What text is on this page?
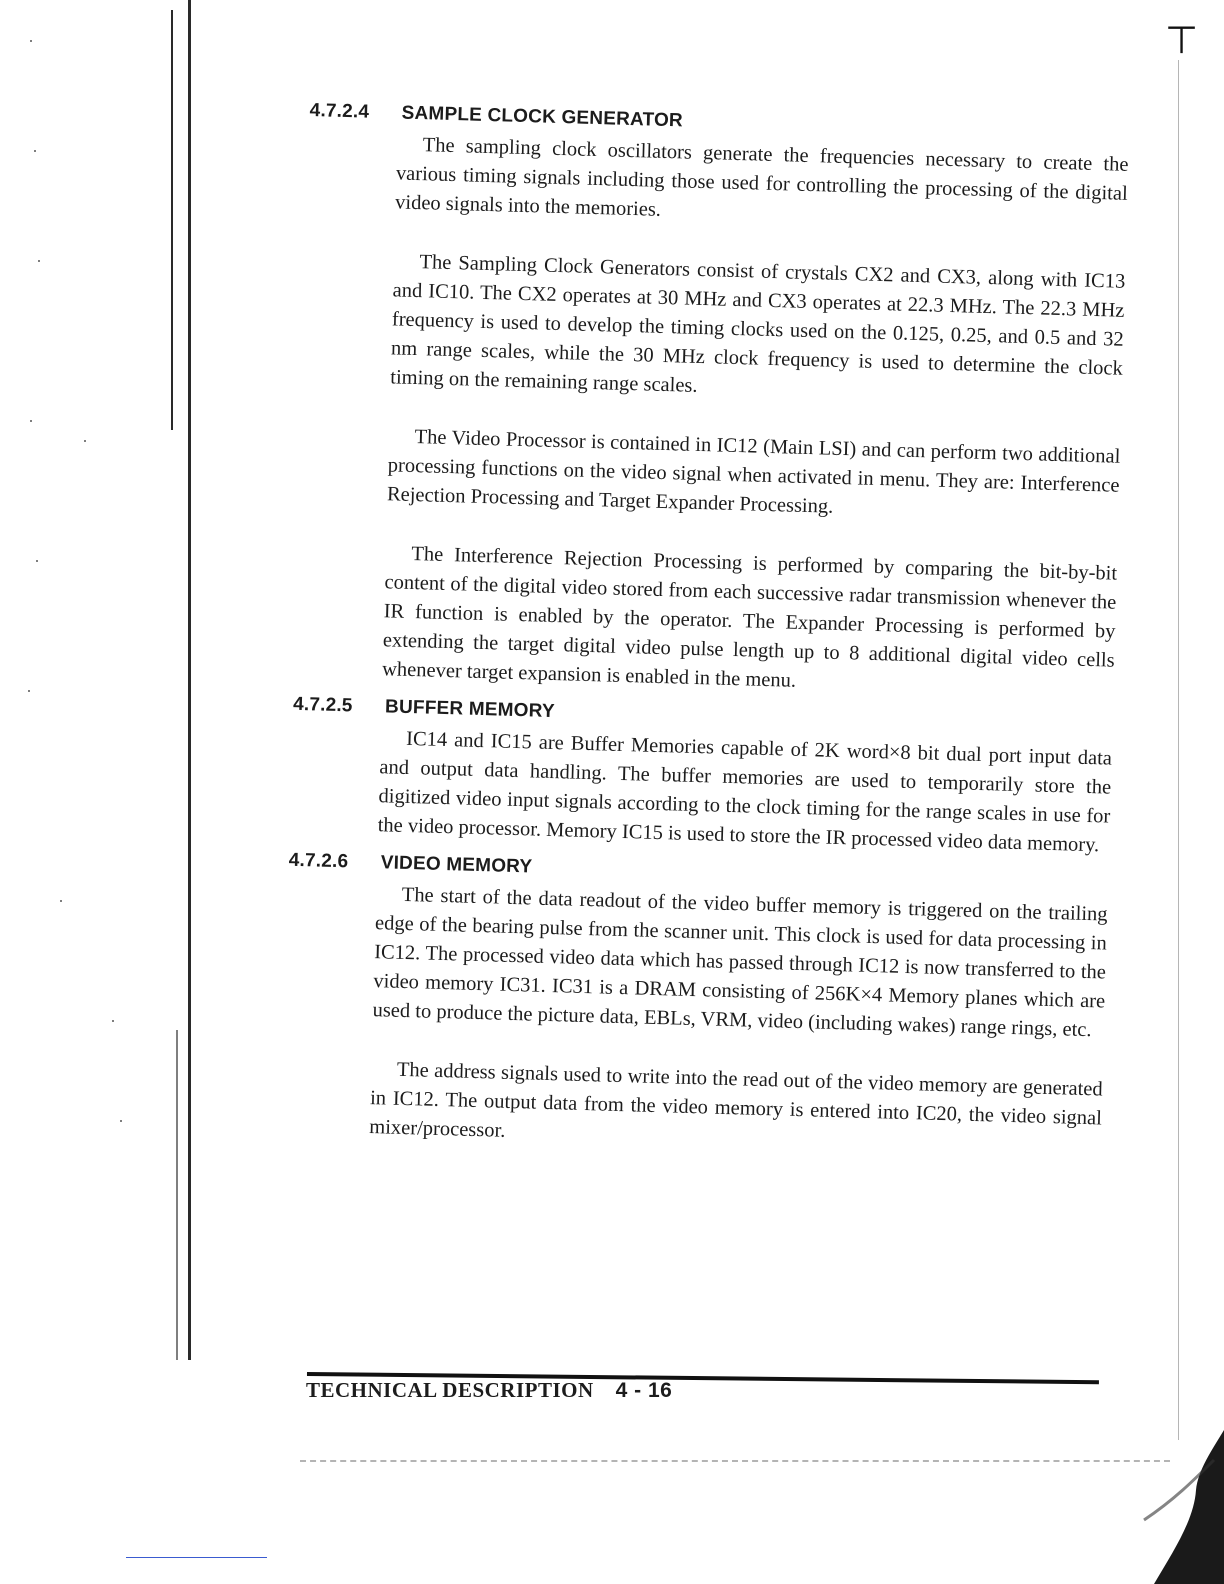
⊤
4.7.2.4 SAMPLE CLOCK GENERATOR

The sampling clock oscillators generate the frequencies necessary to create the various timing signals including those used for controlling the processing of the digital video signals into the memories.

The Sampling Clock Generators consist of crystals CX2 and CX3, along with IC13 and IC10. The CX2 operates at 30 MHz and CX3 operates at 22.3 MHz. The 22.3 MHz frequency is used to develop the timing clocks used on the 0.125, 0.25, and 0.5 and 32 nm range scales, while the 30 MHz clock frequency is used to determine the clock timing on the remaining range scales.

The Video Processor is contained in IC12 (Main LSI) and can perform two additional processing functions on the video signal when activated in menu. They are: Interference Rejection Processing and Target Expander Processing.

The Interference Rejection Processing is performed by comparing the bit-by-bit content of the digital video stored from each successive radar transmission whenever the IR function is enabled by the operator. The Expander Processing is performed by extending the target digital video pulse length up to 8 additional digital video cells whenever target expansion is enabled in the menu.

4.7.2.5 BUFFER MEMORY

IC14 and IC15 are Buffer Memories capable of 2K word×8 bit dual port input data and output data handling. The buffer memories are used to temporarily store the digitized video input signals according to the clock timing for the range scales in use for the video processor. Memory IC15 is used to store the IR processed video data memory.

4.7.2.6 VIDEO MEMORY

The start of the data readout of the video buffer memory is triggered on the trailing edge of the bearing pulse from the scanner unit. This clock is used for data processing in IC12. The processed video data which has passed through IC12 is now transferred to the video memory IC31. IC31 is a DRAM consisting of 256K×4 Memory planes which are used to produce the picture data, EBLs, VRM, video (including wakes) range rings, etc.

The address signals used to write into the read out of the video memory are generated in IC12. The output data from the video memory is entered into IC20, the video signal mixer/processor.

TECHNICAL DESCRIPTION 4 - 16
